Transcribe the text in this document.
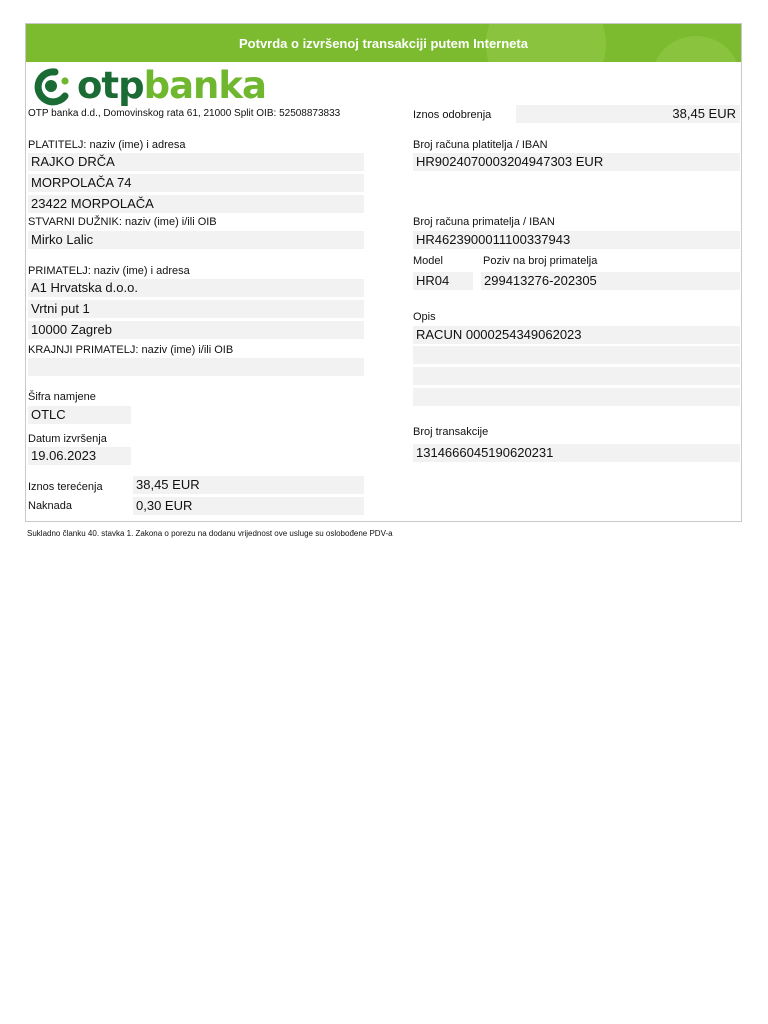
Potvrda o izvršenoj transakciji putem Interneta
otpbanka
OTP banka d.d., Domovinskog rata 61, 21000 Split OIB: 52508873833
PLATITELJ: naziv (ime) i adresa
RAJKO DRČA
MORPOLAČA 74
23422 MORPOLAČA
STVARNI DUŽNIK: naziv (ime) i/ili OIB
Mirko Lalic
PRIMATELJ: naziv (ime) i adresa
A1 Hrvatska d.o.o.
Vrtni put 1
10000 Zagreb
KRAJNJI PRIMATELJ: naziv (ime) i/ili OIB
Šifra namjene
OTLC
Datum izvršenja
19.06.2023
Iznos terećenja	38,45 EUR
Naknada	0,30 EUR
Iznos odobrenja	38,45 EUR
Broj računa platitelja / IBAN
HR9024070003204947303 EUR
Broj računa primatelja / IBAN
HR4623900011100337943
Model	Poziv na broj primatelja
HR04	299413276-202305
Opis
RACUN 0000254349062023
Broj transakcije
1314666045190620231
Sukladno članku 40. stavka 1. Zakona o porezu na dodanu vrijednost ove usluge su oslobođene PDV-a
